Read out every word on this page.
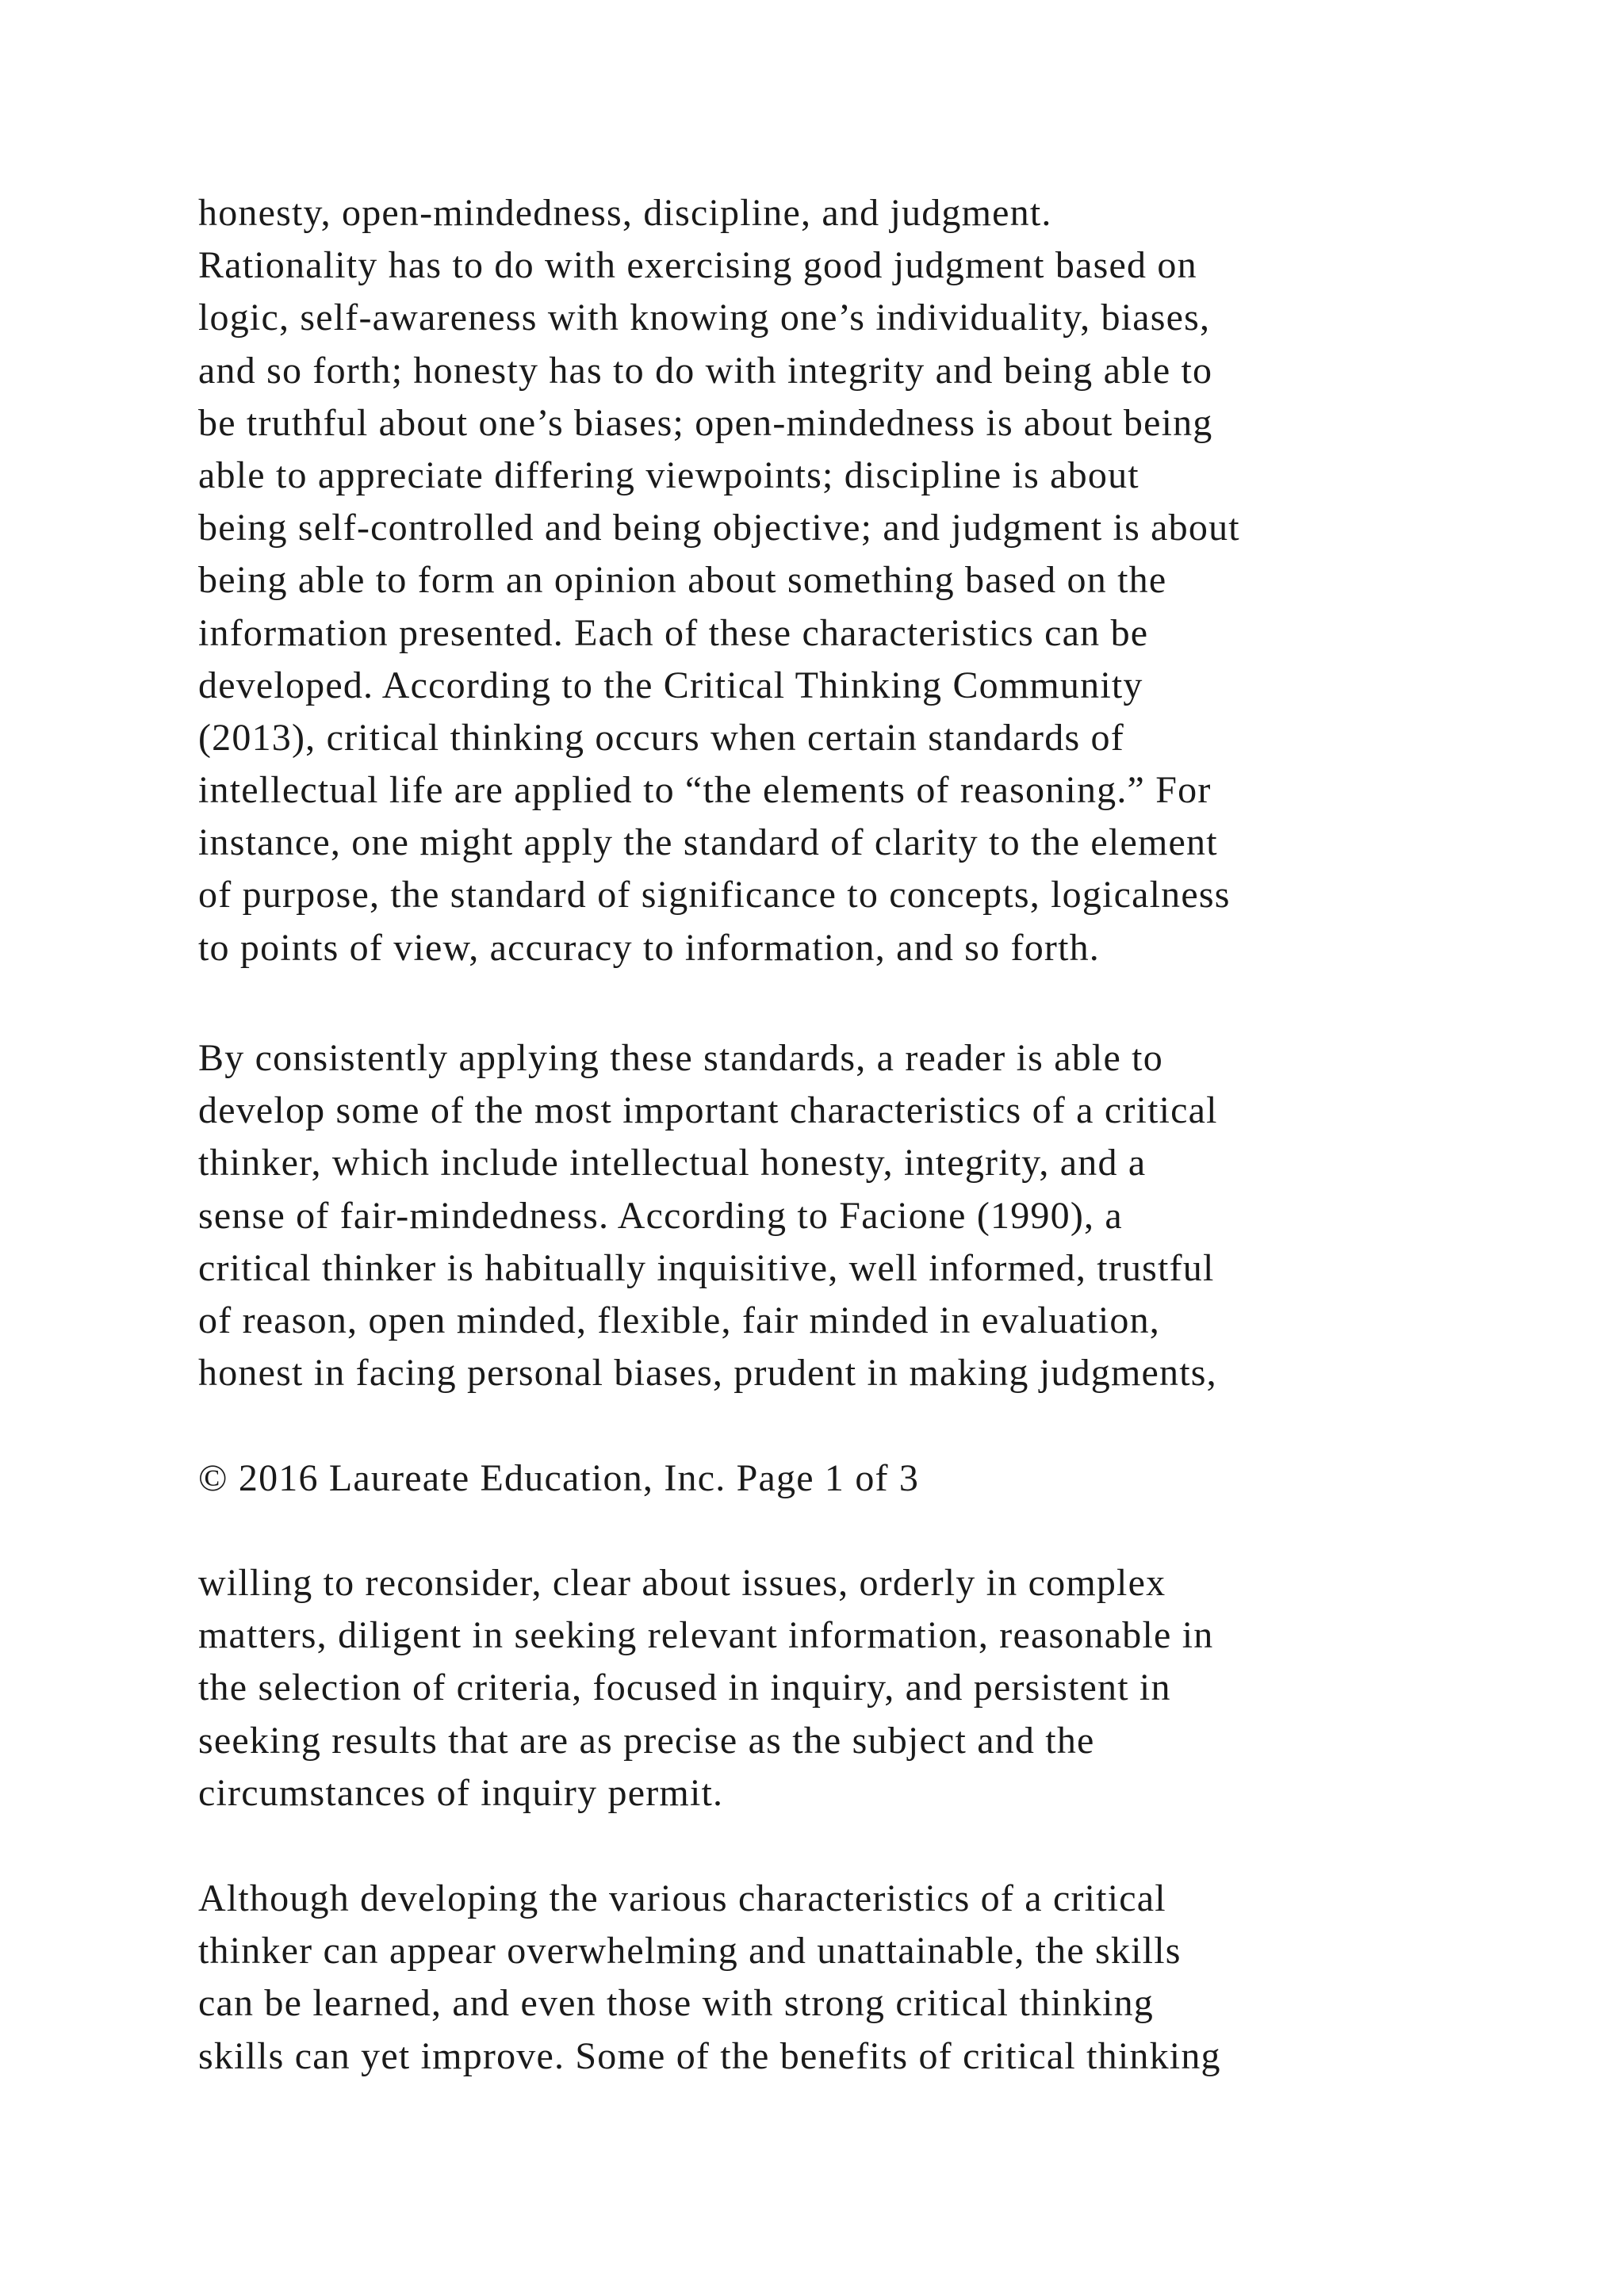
honesty, open-mindedness, discipline, and judgment.
Rationality has to do with exercising good judgment based on
logic, self-awareness with knowing one’s individuality, biases,
and so forth; honesty has to do with integrity and being able to
be truthful about one’s biases; open-mindedness is about being
able to appreciate differing viewpoints; discipline is about
being self-controlled and being objective; and judgment is about
being able to form an opinion about something based on the
information presented. Each of these characteristics can be
developed. According to the Critical Thinking Community
(2013), critical thinking occurs when certain standards of
intellectual life are applied to “the elements of reasoning.” For
instance, one might apply the standard of clarity to the element
of purpose, the standard of significance to concepts, logicalness
to points of view, accuracy to information, and so forth.

By consistently applying these standards, a reader is able to
develop some of the most important characteristics of a critical
thinker, which include intellectual honesty, integrity, and a
sense of fair-mindedness. According to Facione (1990), a
critical thinker is habitually inquisitive, well informed, trustful
of reason, open minded, flexible, fair minded in evaluation,
honest in facing personal biases, prudent in making judgments,

© 2016 Laureate Education, Inc. Page 1 of 3

willing to reconsider, clear about issues, orderly in complex
matters, diligent in seeking relevant information, reasonable in
the selection of criteria, focused in inquiry, and persistent in
seeking results that are as precise as the subject and the
circumstances of inquiry permit.

Although developing the various characteristics of a critical
thinker can appear overwhelming and unattainable, the skills
can be learned, and even those with strong critical thinking
skills can yet improve. Some of the benefits of critical thinking
